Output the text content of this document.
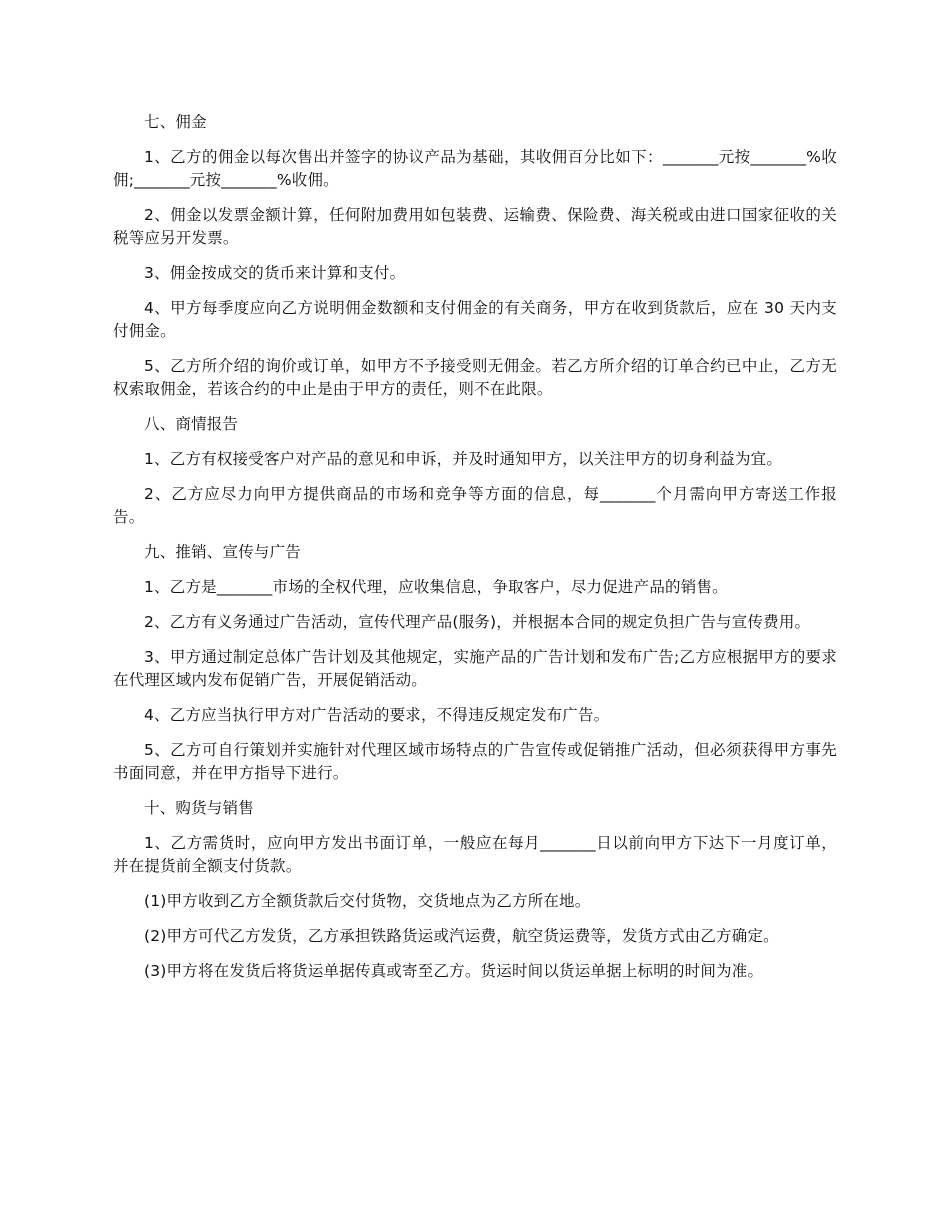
七、佣金

1、乙方的佣金以每次售出并签字的协议产品为基础，其收佣百分比如下：_______元按_______%收佣;_______元按_______%收佣。

2、佣金以发票金额计算，任何附加费用如包装费、运输费、保险费、海关税或由进口国家征收的关税等应另开发票。

3、佣金按成交的货币来计算和支付。

4、甲方每季度应向乙方说明佣金数额和支付佣金的有关商务，甲方在收到货款后，应在 30 天内支付佣金。

5、乙方所介绍的询价或订单，如甲方不予接受则无佣金。若乙方所介绍的订单合约已中止，乙方无权索取佣金，若该合约的中止是由于甲方的责任，则不在此限。

八、商情报告

1、乙方有权接受客户对产品的意见和申诉，并及时通知甲方，以关注甲方的切身利益为宜。

2、乙方应尽力向甲方提供商品的市场和竞争等方面的信息，每_______个月需向甲方寄送工作报告。

九、推销、宣传与广告

1、乙方是_______市场的全权代理，应收集信息，争取客户，尽力促进产品的销售。

2、乙方有义务通过广告活动，宣传代理产品(服务)，并根据本合同的规定负担广告与宣传费用。

3、甲方通过制定总体广告计划及其他规定，实施产品的广告计划和发布广告;乙方应根据甲方的要求在代理区域内发布促销广告，开展促销活动。

4、乙方应当执行甲方对广告活动的要求，不得违反规定发布广告。

5、乙方可自行策划并实施针对代理区域市场特点的广告宣传或促销推广活动，但必须获得甲方事先书面同意，并在甲方指导下进行。

十、购货与销售

1、乙方需货时，应向甲方发出书面订单，一般应在每月_______日以前向甲方下达下一月度订单，并在提货前全额支付货款。

(1)甲方收到乙方全额货款后交付货物，交货地点为乙方所在地。

(2)甲方可代乙方发货，乙方承担铁路货运或汽运费，航空货运费等，发货方式由乙方确定。

(3)甲方将在发货后将货运单据传真或寄至乙方。货运时间以货运单据上标明的时间为准。
